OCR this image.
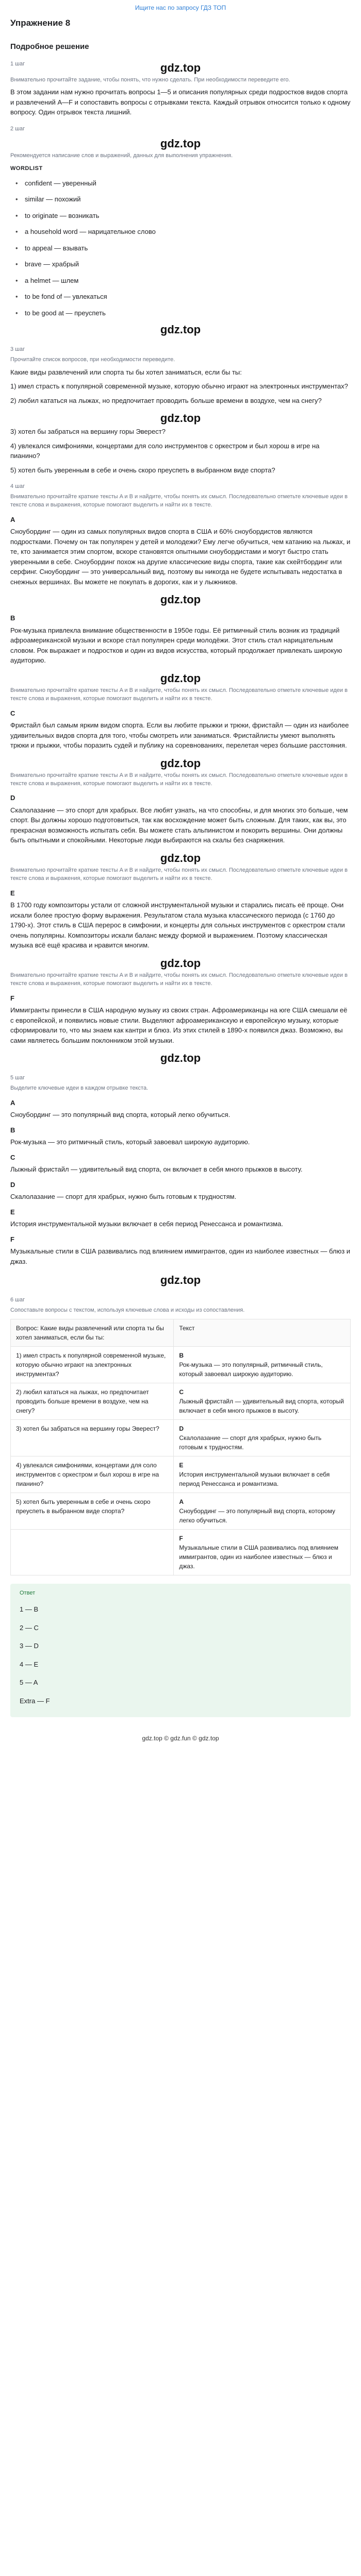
Ищите нас по запросу ГДЗ ТОП
Упражнение 8
Подробное решение
1 шаг	gdz.top
Внимательно прочитайте задание, чтобы понять, что нужно сделать. При необходимости переведите его.

В этом задании нам нужно прочитать вопросы 1—5 и описания популярных среди подростков видов спорта и развлечений A—F и сопоставить вопросы с отрывками текста. Каждый отрывок относится только к одному вопросу. Один отрывок текста лишний.

2 шаг
gdz.top
Рекомендуется написание слов и выражений, данных для выполнения упражнения.
WORDLIST
•	confident — уверенный
•	similar — похожий
•	to originate — возникать
•	a household word — нарицательное слово
•	to appeal — взывать
•	brave — храбрый
•	a helmet — шлем
•	to be fond of — увлекаться
•	to be good at — преуспеть
gdz.top
3 шаг
Прочитайте список вопросов, при необходимости переведите.

Какие виды развлечений или спорта ты бы хотел заниматься, если бы ты:

1) имел страсть к популярной современной музыке, которую обычно играют на электронных инструментах?

2) любил кататься на лыжах, но предпочитает проводить больше времени в воздухе, чем на снегу?

gdz.top

3) хотел бы забраться на вершину горы Эверест?

4) увлекался симфониями, концертами для соло инструментов с оркестром и был хорош в игре на пианино?

5) хотел быть уверенным в себе и очень скоро преуспеть в выбранном виде спорта?

4 шаг
Внимательно прочитайте краткие тексты A и В и найдите, чтобы понять их смысл. Последовательно отметьте ключевые идеи в тексте слова и выражения, которые помогают выделить и найти их в тексте.
A

Сноубординг — один из самых популярных видов спорта в США и 60% сноубордистов являются подростками. Почему он так популярен у детей и молодежи? Ему легче обучиться, чем катанию на лыжах, и те, кто занимается этим спортом, вскоре становятся опытными сноубордистами и могут быстро стать уверенными в себе. Сноубординг похож на другие классические виды спорта, такие как скейтбординг или серфинг. Сноубординг — это универсальный вид, поэтому вы никогда не будете испытывать недостатка в снежных вершинах. Вы можете не покупать в дорогих, как и у лыжников.

gdz.top
B

Рок-музыка привлекла внимание общественности в 1950е годы. Её ритмичный стиль возник из традиций афроамериканской музыки и вскоре стал популярен среди молодёжи. Этот стиль стал нарицательным словом. Рок выражает и подростков и один из видов искусства, который продолжает привлекать широкую аудиторию.

gdz.top
Внимательно прочитайте краткие тексты A и В и найдите, чтобы понять их смысл. Последовательно отметьте ключевые идеи в тексте слова и выражения, которые помогают выделить и найти их в тексте.
C

Фристайл был самым ярким видом спорта. Если вы любите прыжки и трюки, фристайл — один из наиболее удивительных видов спорта для того, чтобы смотреть или заниматься. Фристайлисты умеют выполнять трюки и прыжки, чтобы поразить судей и публику на соревнованиях, перелетая через большие расстояния.

gdz.top
Внимательно прочитайте краткие тексты A и В и найдите, чтобы понять их смысл. Последовательно отметьте ключевые идеи в тексте слова и выражения, которые помогают выделить и найти их в тексте.
D

Скалолазание — это спорт для храбрых. Все любят узнать, на что способны, и для многих это больше, чем спорт. Вы должны хорошо подготовиться, так как восхождение может быть сложным. Для таких, как вы, это прекрасная возможность испытать себя. Вы можете стать альпинистом и покорить вершины. Они должны быть опытными и спокойными. Некоторые люди выбираются на скалы без снаряжения.

gdz.top
Внимательно прочитайте краткие тексты A и В и найдите, чтобы понять их смысл. Последовательно отметьте ключевые идеи в тексте слова и выражения, которые помогают выделить и найти их в тексте.
E

В 1700 году композиторы устали от сложной инструментальной музыки и старались писать её проще. Они искали более простую форму выражения. Результатом стала музыка классического периода (с 1760 до 1790-х). Этот стиль в США перерос в симфонии, и концерты для сольных инструментов с оркестром стали очень популярны. Композиторы искали баланс между формой и выражением. Поэтому классическая музыка всё ещё красива и нравится многим.

gdz.top
Внимательно прочитайте краткие тексты A и В и найдите, чтобы понять их смысл. Последовательно отметьте ключевые идеи в тексте слова и выражения, которые помогают выделить и найти их в тексте.
F

Иммигранты принесли в США народную музыку из своих стран. Афроамериканцы на юге США смешали её с европейской, и появились новые стили. Выделяют афроамериканскую и европейскую музыку, которые сформировали то, что мы знаем как кантри и блюз. Из этих стилей в 1890-х появился джаз. Возможно, вы сами являетесь большим поклонником этой музыки.

gdz.top
5 шаг
Выделите ключевые идеи в каждом отрывке текста.
A

Сноубординг — это популярный вид спорта, который легко обучиться.

B

Рок-музыка — это ритмичный стиль, который завоевал широкую аудиторию.

C

Лыжный фристайл — удивительный вид спорта, он включает в себя много прыжков в высоту.

D

Скалолазание — спорт для храбрых, нужно быть готовым к трудностям.

E

История инструментальной музыки включает в себя период Ренессанса и романтизма.

F

Музыкальные стили в США развивались под влиянием иммигрантов, один из наиболее известных — блюз и джаз.

gdz.top
6 шаг
Сопоставьте вопросы с текстом, используя ключевые слова и исходы из сопоставления.
Вопрос: Какие виды развлечений или спорта ты бы хотел заниматься, если бы ты:	Текст
1) имел страсть к популярной современной музыке, которую обычно играют на электронных инструментах?	B
Рок-музыка — это популярный, ритмичный стиль, который завоевал широкую аудиторию.
2) любил кататься на лыжах, но предпочитает проводить больше времени в воздухе, чем на снегу?	C
Лыжный фристайл — удивительный вид спорта, который включает в себя много прыжков в высоту.
3) хотел бы забраться на вершину горы Эверест?	D
Скалолазание — спорт для храбрых, нужно быть готовым к трудностям.
4) увлекался симфониями, концертами для соло инструментов с оркестром и был хорош в игре на пианино?	E
История инструментальной музыки включает в себя период Ренессанса и романтизма.
5) хотел быть уверенным в себе и очень скоро преуспеть в выбранном виде спорта?	A
Сноубординг — это популярный вид спорта, которому легко обучиться.
	F
Музыкальные стили в США развивались под влиянием иммигрантов, один из наиболее известных — блюз и джаз.
Ответ
1 — B
2 — C
3 — D
4 — E
5 — A
Extra — F
gdz.top © gdz.fun © gdz.top
